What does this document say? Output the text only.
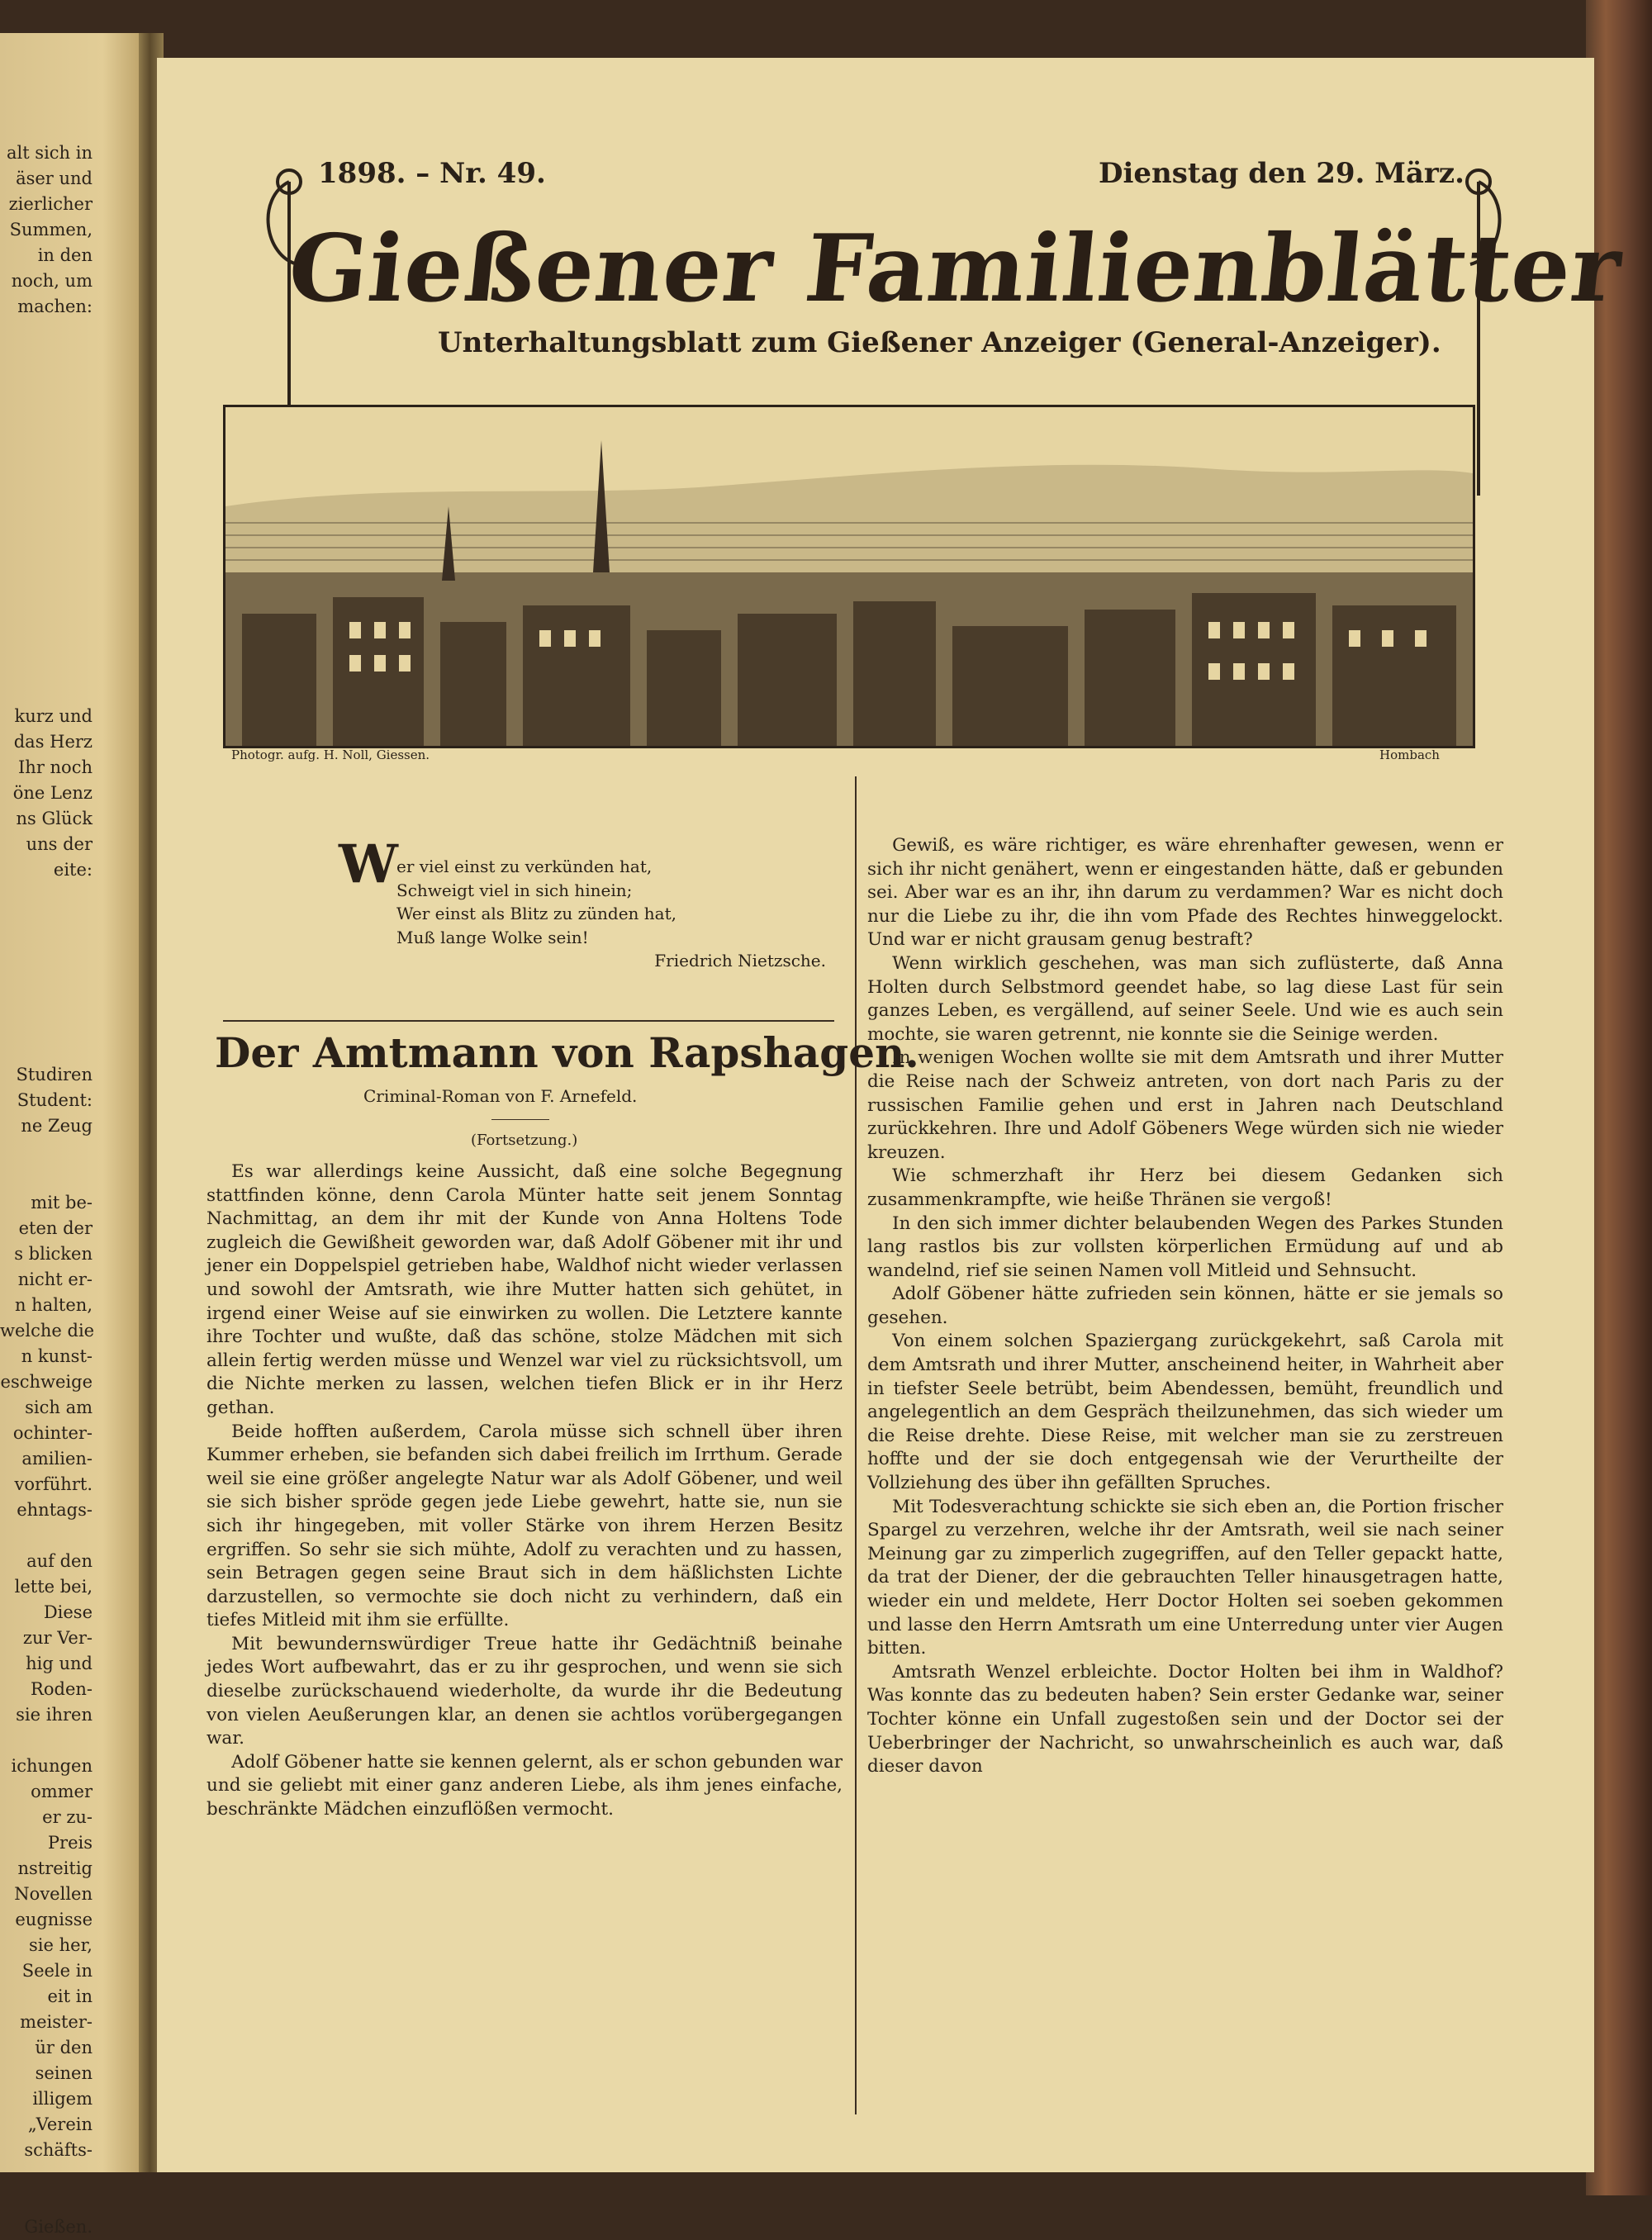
alt sich in
äser und
zierlicher
Summen,
in den
noch, um
machen:
kurz und
das Herz
Ihr noch
öne Lenz
ns Glück
uns der
eite:
Studiren
Student:
ne Zeug
mit be-
eten der
s blicken
nicht er-
n halten,
welche die
n kunst-
eschweige
sich am
ochinter-
amilien-
vorführt.
ehntags-
auf den
lette bei,
Diese
zur Ver-
hig und
Roden-
sie ihren
ichungen
ommer
er zu-
Preis
nstreitig
Novellen
eugnisse
sie her,
Seele in
eit in
meister-
ür den
seinen
illigem
„Verein
schäfts-
Gießen.
1898. – Nr. 49.	Dienstag den 29. März.
Gießener Familienblätter
Unterhaltungsblatt zum Gießener Anzeiger (General-Anzeiger).
Photogr. aufg. H. Noll, Giessen.	Hombach
W
er viel einst zu verkünden hat,
Schweigt viel in sich hinein;
Wer einst als Blitz zu zünden hat,
Muß lange Wolke sein!
Friedrich Nietzsche.
Der Amtmann von Rapshagen.
Criminal-Roman von F. Arnefeld.
(Fortsetzung.)

Es war allerdings keine Aussicht, daß eine solche Begegnung stattfinden könne, denn Carola Münter hatte seit jenem Sonntag Nachmittag, an dem ihr mit der Kunde von Anna Holtens Tode zugleich die Gewißheit geworden war, daß Adolf Göbener mit ihr und jener ein Doppelspiel getrieben habe, Waldhof nicht wieder verlassen und sowohl der Amtsrath, wie ihre Mutter hatten sich gehütet, in irgend einer Weise auf sie einwirken zu wollen. Die Letztere kannte ihre Tochter und wußte, daß das schöne, stolze Mädchen mit sich allein fertig werden müsse und Wenzel war viel zu rücksichtsvoll, um die Nichte merken zu lassen, welchen tiefen Blick er in ihr Herz gethan.

Beide hofften außerdem, Carola müsse sich schnell über ihren Kummer erheben, sie befanden sich dabei freilich im Irrthum. Gerade weil sie eine größer angelegte Natur war als Adolf Göbener, und weil sie sich bisher spröde gegen jede Liebe gewehrt, hatte sie, nun sie sich ihr hingegeben, mit voller Stärke von ihrem Herzen Besitz ergriffen. So sehr sie sich mühte, Adolf zu verachten und zu hassen, sein Betragen gegen seine Braut sich in dem häßlichsten Lichte darzustellen, so vermochte sie doch nicht zu verhindern, daß ein tiefes Mitleid mit ihm sie erfüllte.

Mit bewundernswürdiger Treue hatte ihr Gedächtniß beinahe jedes Wort aufbewahrt, das er zu ihr gesprochen, und wenn sie sich dieselbe zurückschauend wiederholte, da wurde ihr die Bedeutung von vielen Aeußerungen klar, an denen sie achtlos vorübergegangen war.

Adolf Göbener hatte sie kennen gelernt, als er schon gebunden war und sie geliebt mit einer ganz anderen Liebe, als ihm jenes einfache, beschränkte Mädchen einzuflößen vermocht.

Gewiß, es wäre richtiger, es wäre ehrenhafter gewesen, wenn er sich ihr nicht genähert, wenn er eingestanden hätte, daß er gebunden sei. Aber war es an ihr, ihn darum zu verdammen? War es nicht doch nur die Liebe zu ihr, die ihn vom Pfade des Rechtes hinweggelockt. Und war er nicht grausam genug bestraft?

Wenn wirklich geschehen, was man sich zuflüsterte, daß Anna Holten durch Selbstmord geendet habe, so lag diese Last für sein ganzes Leben, es vergällend, auf seiner Seele. Und wie es auch sein mochte, sie waren getrennt, nie konnte sie die Seinige werden.

In wenigen Wochen wollte sie mit dem Amtsrath und ihrer Mutter die Reise nach der Schweiz antreten, von dort nach Paris zu der russischen Familie gehen und erst in Jahren nach Deutschland zurückkehren. Ihre und Adolf Göbeners Wege würden sich nie wieder kreuzen.

Wie schmerzhaft ihr Herz bei diesem Gedanken sich zusammenkrampfte, wie heiße Thränen sie vergoß!

In den sich immer dichter belaubenden Wegen des Parkes Stunden lang rastlos bis zur vollsten körperlichen Ermüdung auf und ab wandelnd, rief sie seinen Namen voll Mitleid und Sehnsucht.

Adolf Göbener hätte zufrieden sein können, hätte er sie jemals so gesehen.

Von einem solchen Spaziergang zurückgekehrt, saß Carola mit dem Amtsrath und ihrer Mutter, anscheinend heiter, in Wahrheit aber in tiefster Seele betrübt, beim Abendessen, bemüht, freundlich und angelegentlich an dem Gespräch theilzunehmen, das sich wieder um die Reise drehte. Diese Reise, mit welcher man sie zu zerstreuen hoffte und der sie doch entgegensah wie der Verurtheilte der Vollziehung des über ihn gefällten Spruches.

Mit Todesverachtung schickte sie sich eben an, die Portion frischer Spargel zu verzehren, welche ihr der Amtsrath, weil sie nach seiner Meinung gar zu zimperlich zugegriffen, auf den Teller gepackt hatte, da trat der Diener, der die gebrauchten Teller hinausgetragen hatte, wieder ein und meldete, Herr Doctor Holten sei soeben gekommen und lasse den Herrn Amtsrath um eine Unterredung unter vier Augen bitten.

Amtsrath Wenzel erbleichte. Doctor Holten bei ihm in Waldhof? Was konnte das zu bedeuten haben? Sein erster Gedanke war, seiner Tochter könne ein Unfall zugestoßen sein und der Doctor sei der Ueberbringer der Nachricht, so unwahrscheinlich es auch war, daß dieser davon
